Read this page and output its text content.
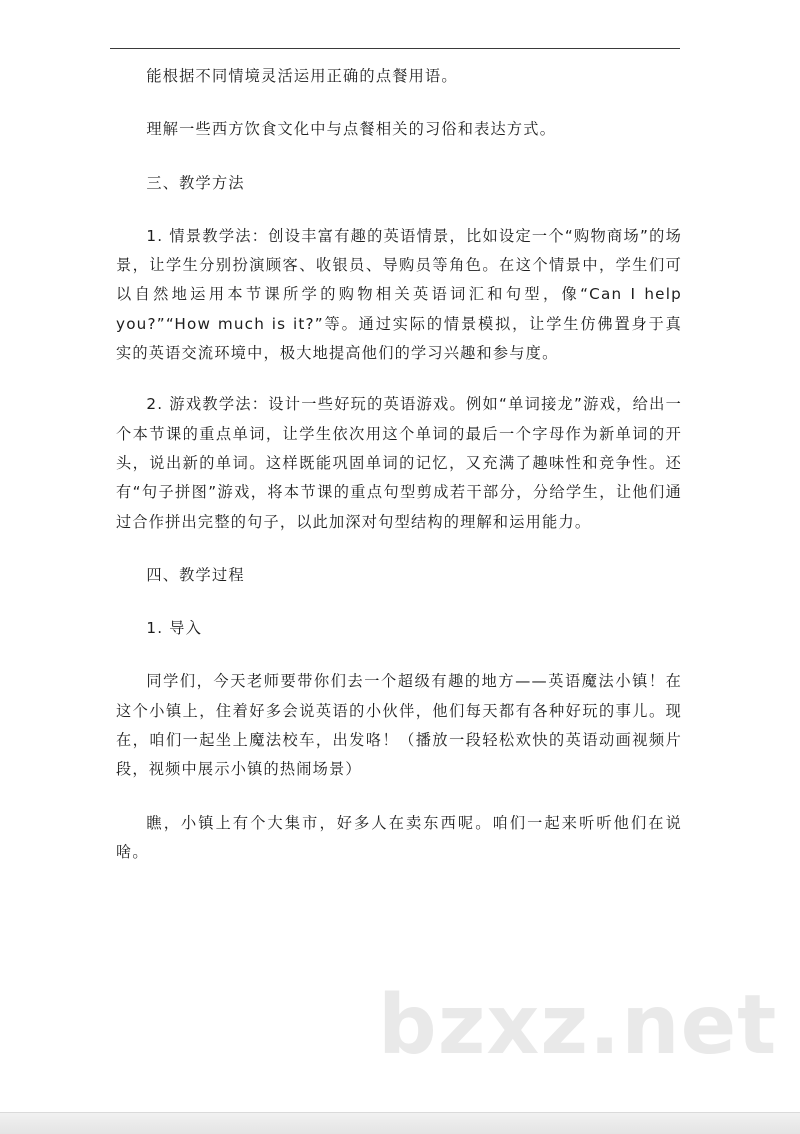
能根据不同情境灵活运用正确的点餐用语。

理解一些西方饮食文化中与点餐相关的习俗和表达方式。

三、教学方法

1. 情景教学法：创设丰富有趣的英语情景，比如设定一个“购物商场”的场景，让学生分别扮演顾客、收银员、导购员等角色。在这个情景中，学生们可以自然地运用本节课所学的购物相关英语词汇和句型，像“Can I help you?”“How much is it?”等。通过实际的情景模拟，让学生仿佛置身于真实的英语交流环境中，极大地提高他们的学习兴趣和参与度。

2. 游戏教学法：设计一些好玩的英语游戏。例如“单词接龙”游戏，给出一个本节课的重点单词，让学生依次用这个单词的最后一个字母作为新单词的开头，说出新的单词。这样既能巩固单词的记忆，又充满了趣味性和竞争性。还有“句子拼图”游戏，将本节课的重点句型剪成若干部分，分给学生，让他们通过合作拼出完整的句子，以此加深对句型结构的理解和运用能力。

四、教学过程

1. 导入

同学们，今天老师要带你们去一个超级有趣的地方——英语魔法小镇！在这个小镇上，住着好多会说英语的小伙伴，他们每天都有各种好玩的事儿。现在，咱们一起坐上魔法校车，出发咯！（播放一段轻松欢快的英语动画视频片段，视频中展示小镇的热闹场景）

瞧，小镇上有个大集市，好多人在卖东西呢。咱们一起来听听他们在说啥。

bzxz.net
